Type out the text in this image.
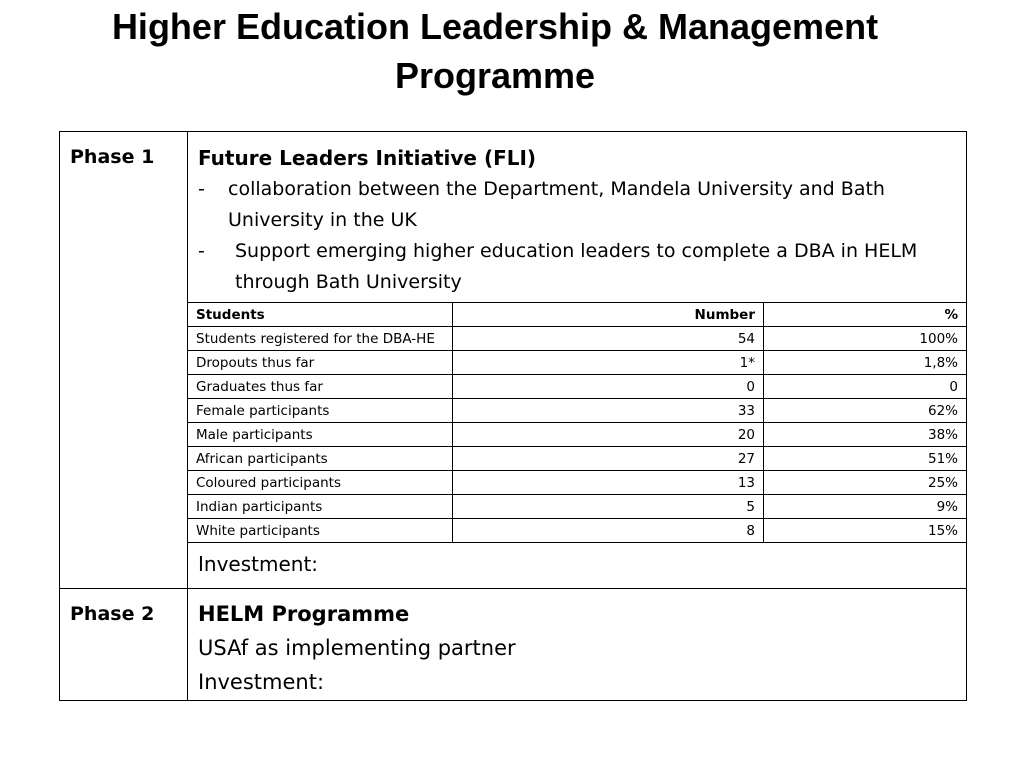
Higher Education Leadership & Management
Programme
Phase 1	Future Leaders Initiative (FLI)
-	collaboration between the Department, Mandela University and Bath University in the UK
-	Support emerging higher education leaders to complete a DBA in HELM through Bath University
Students	Number	%
Students registered for the DBA-HE	54	100%
Dropouts thus far	1*	1,8%
Graduates thus far	0	0
Female participants	33	62%
Male participants	20	38%
African participants	27	51%
Coloured participants	13	25%
Indian participants	5	9%
White participants	8	15%
Investment:

Phase 2	HELM Programme
USAf as implementing partner
Investment:
